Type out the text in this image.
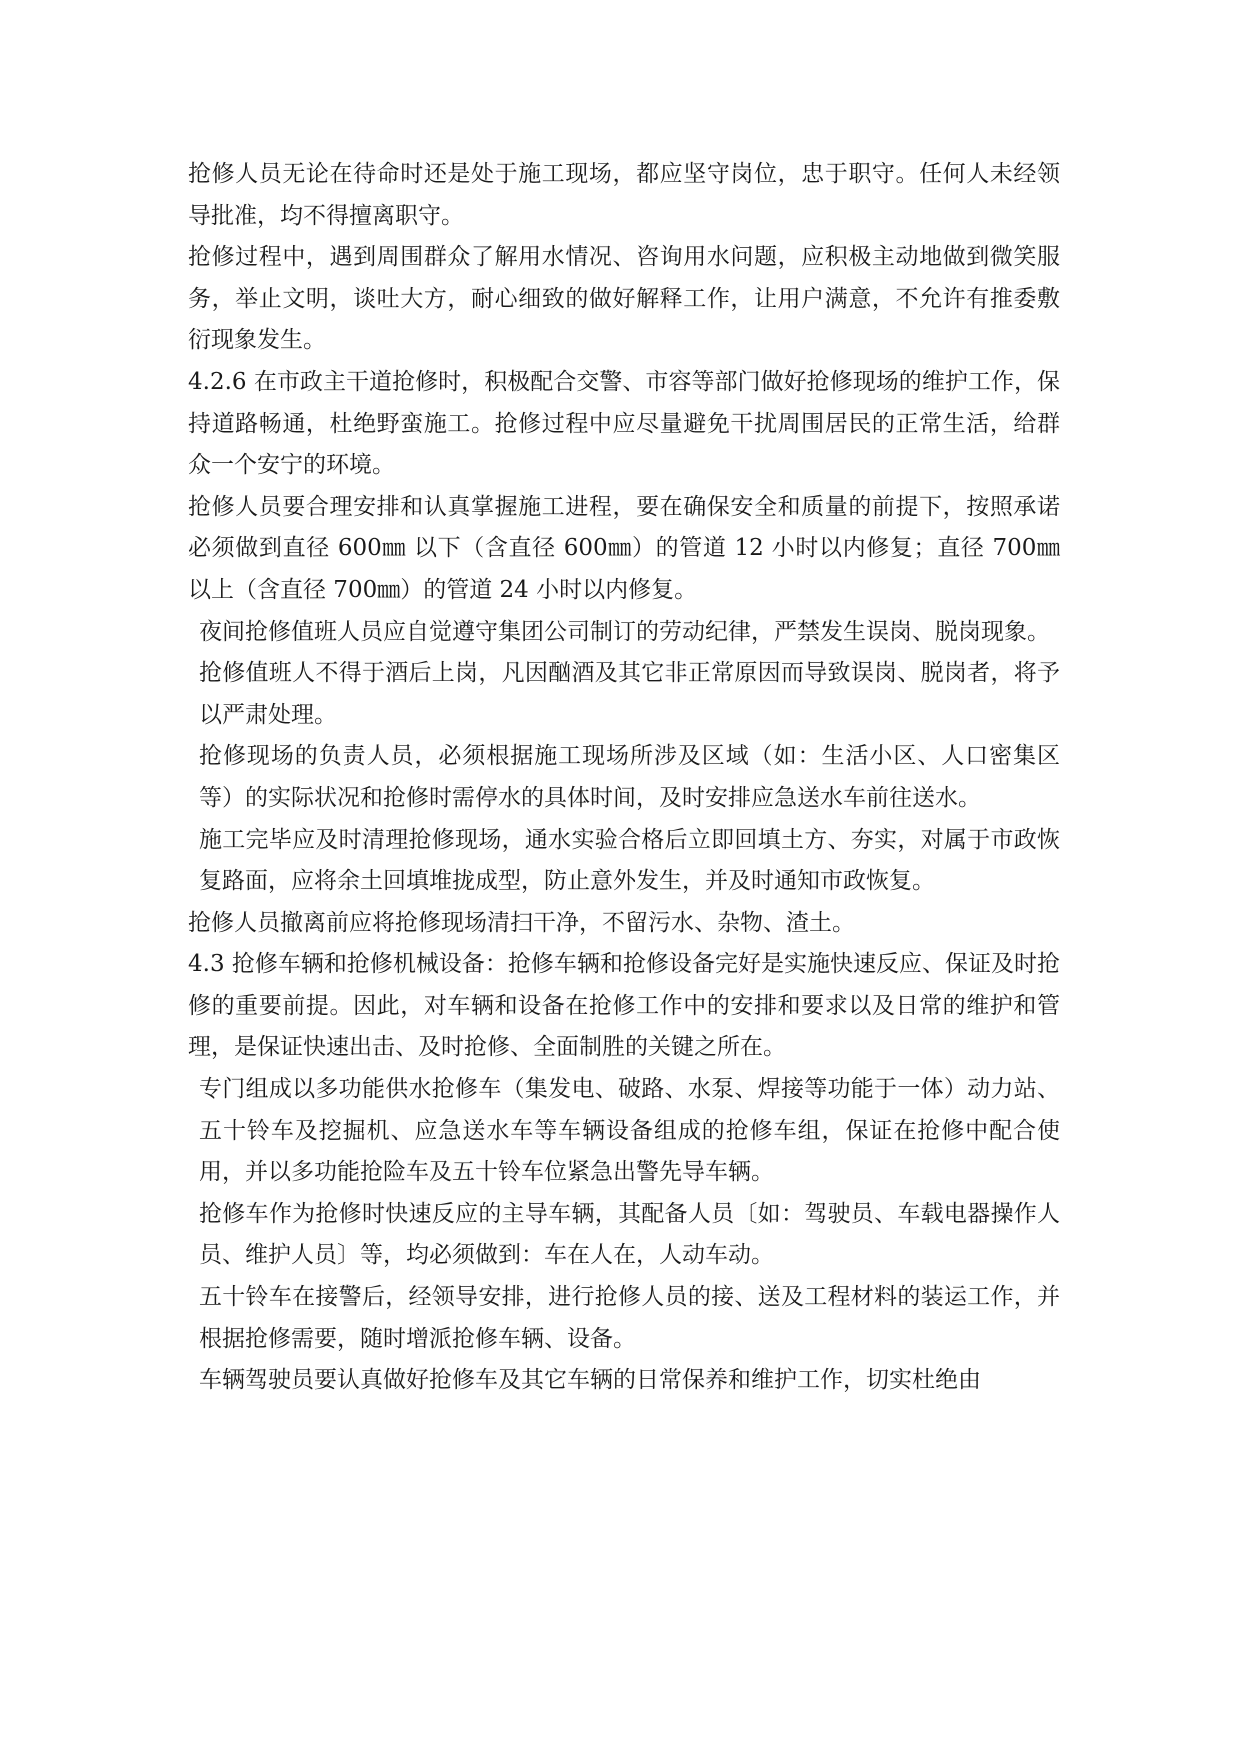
抢修人员无论在待命时还是处于施工现场，都应坚守岗位，忠于职守。任何人未经领导批准，均不得擅离职守。

抢修过程中，遇到周围群众了解用水情况、咨询用水问题，应积极主动地做到微笑服务，举止文明，谈吐大方，耐心细致的做好解释工作，让用户满意，不允许有推委敷衍现象发生。

4.2.6 在市政主干道抢修时，积极配合交警、市容等部门做好抢修现场的维护工作，保持道路畅通，杜绝野蛮施工。抢修过程中应尽量避免干扰周围居民的正常生活，给群众一个安宁的环境。

抢修人员要合理安排和认真掌握施工进程，要在确保安全和质量的前提下，按照承诺必须做到直径 600㎜ 以下（含直径 600㎜）的管道 12 小时以内修复；直径 700㎜ 以上（含直径 700㎜）的管道 24 小时以内修复。

夜间抢修值班人员应自觉遵守集团公司制订的劳动纪律，严禁发生误岗、脱岗现象。

抢修值班人不得于酒后上岗，凡因酗酒及其它非正常原因而导致误岗、脱岗者，将予以严肃处理。

抢修现场的负责人员，必须根据施工现场所涉及区域（如：生活小区、人口密集区等）的实际状况和抢修时需停水的具体时间，及时安排应急送水车前往送水。

施工完毕应及时清理抢修现场，通水实验合格后立即回填土方、夯实，对属于市政恢复路面，应将余土回填堆拢成型，防止意外发生，并及时通知市政恢复。

抢修人员撤离前应将抢修现场清扫干净，不留污水、杂物、渣土。

4.3 抢修车辆和抢修机械设备：抢修车辆和抢修设备完好是实施快速反应、保证及时抢修的重要前提。因此，对车辆和设备在抢修工作中的安排和要求以及日常的维护和管理，是保证快速出击、及时抢修、全面制胜的关键之所在。

专门组成以多功能供水抢修车（集发电、破路、水泵、焊接等功能于一体）动力站、五十铃车及挖掘机、应急送水车等车辆设备组成的抢修车组，保证在抢修中配合使用，并以多功能抢险车及五十铃车位紧急出警先导车辆。

抢修车作为抢修时快速反应的主导车辆，其配备人员〔如：驾驶员、车载电器操作人员、维护人员〕等，均必须做到：车在人在，人动车动。

五十铃车在接警后，经领导安排，进行抢修人员的接、送及工程材料的装运工作，并根据抢修需要，随时增派抢修车辆、设备。

车辆驾驶员要认真做好抢修车及其它车辆的日常保养和维护工作，切实杜绝由
